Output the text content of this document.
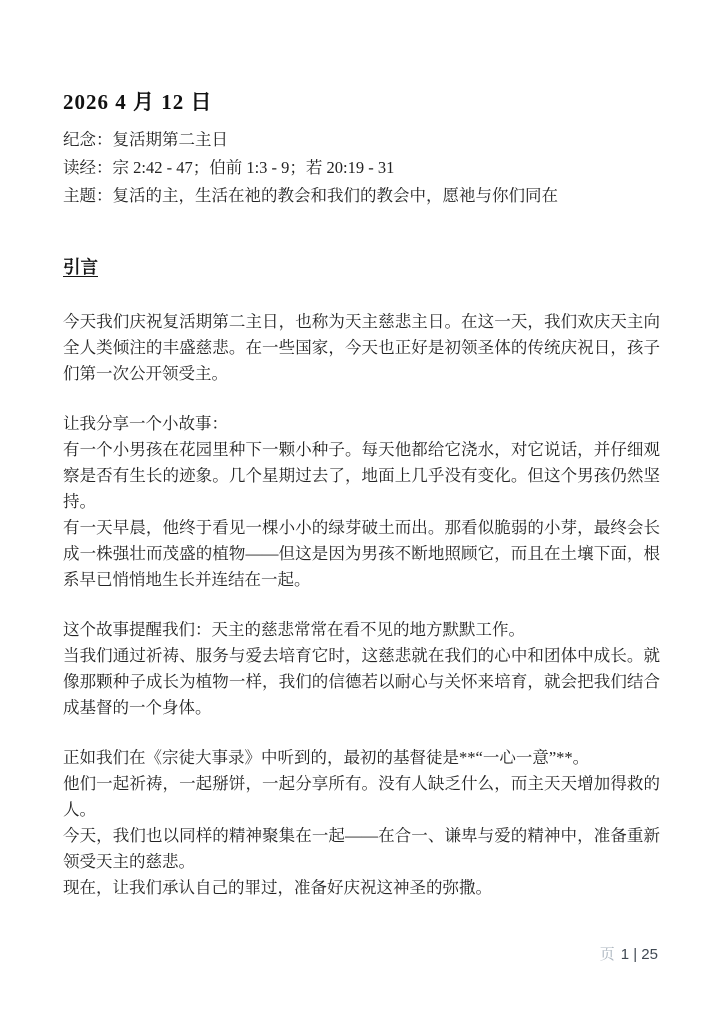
2026 4 月 12 日

纪念：复活期第二主日

读经：宗 2:42 - 47；伯前 1:3 - 9；若 20:19 - 31

主题：复活的主，生活在祂的教会和我们的教会中，愿祂与你们同在

引言

今天我们庆祝复活期第二主日，也称为天主慈悲主日。在这一天，我们欢庆天主向全人类倾注的丰盛慈悲。在一些国家，今天也正好是初领圣体的传统庆祝日，孩子们第一次公开领受主。

让我分享一个小故事：

有一个小男孩在花园里种下一颗小种子。每天他都给它浇水，对它说话，并仔细观察是否有生长的迹象。几个星期过去了，地面上几乎没有变化。但这个男孩仍然坚持。

有一天早晨，他终于看见一棵小小的绿芽破土而出。那看似脆弱的小芽，最终会长成一株强壮而茂盛的植物——但这是因为男孩不断地照顾它，而且在土壤下面，根系早已悄悄地生长并连结在一起。

这个故事提醒我们：天主的慈悲常常在看不见的地方默默工作。

当我们通过祈祷、服务与爱去培育它时，这慈悲就在我们的心中和团体中成长。就像那颗种子成长为植物一样，我们的信德若以耐心与关怀来培育，就会把我们结合成基督的一个身体。

正如我们在《宗徒大事录》中听到的，最初的基督徒是**“一心一意”**。

他们一起祈祷，一起掰饼，一起分享所有。没有人缺乏什么，而主天天增加得救的人。

今天，我们也以同样的精神聚集在一起——在合一、谦卑与爱的精神中，准备重新领受天主的慈悲。

现在，让我们承认自己的罪过，准备好庆祝这神圣的弥撒。

页 1 | 25
